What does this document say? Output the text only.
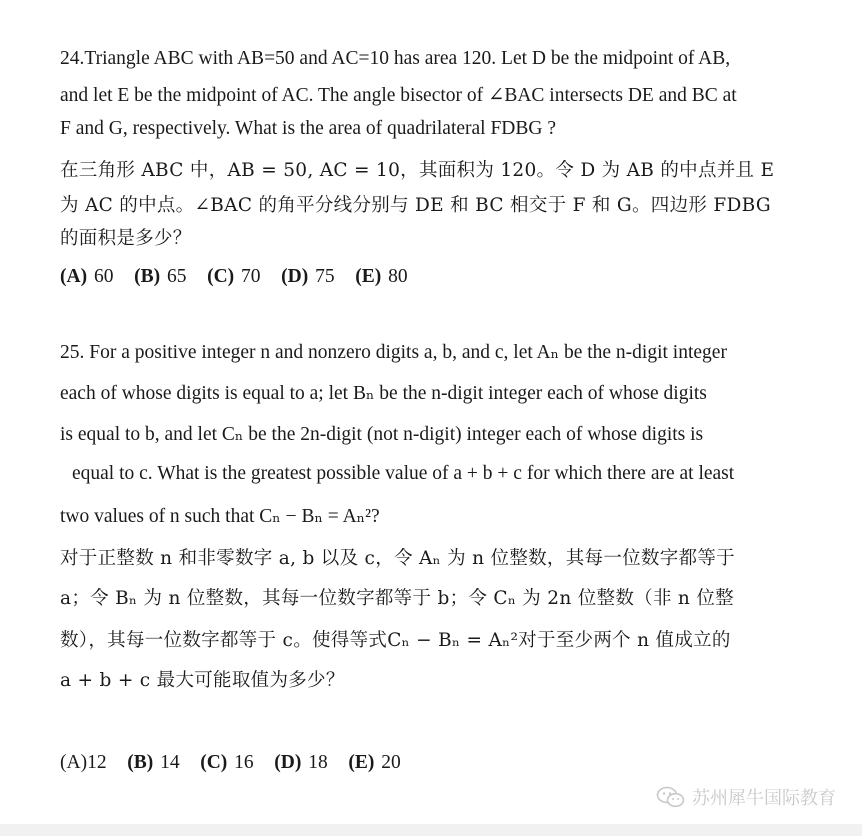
24.Triangle ABC with AB=50 and AC=10 has area 120. Let D be the midpoint of AB,
and let E be the midpoint of AC. The angle bisector of ∠BAC intersects DE and BC at
F and G, respectively. What is the area of quadrilateral FDBG ?
在三角形 ABC 中，AB = 50, AC = 10，其面积为 120。令 D 为 AB 的中点并且 E
为 AC 的中点。∠BAC 的角平分线分别与 DE 和 BC 相交于 F 和 G。四边形 FDBG
的面积是多少？
(A) 60 (B) 65 (C) 70 (D) 75 (E) 80
25. For a positive integer n and nonzero digits a, b, and c, let Aₙ be the n-digit integer
each of whose digits is equal to a; let Bₙ be the n-digit integer each of whose digits
is equal to b, and let Cₙ be the 2n-digit (not n-digit) integer each of whose digits is
equal to c. What is the greatest possible value of a + b + c for which there are at least
two values of n such that Cₙ − Bₙ = Aₙ²?
对于正整数 n 和非零数字 a, b 以及 c，令 Aₙ 为 n 位整数，其每一位数字都等于
a；令 Bₙ 为 n 位整数，其每一位数字都等于 b；令 Cₙ 为 2n 位整数（非 n 位整
数），其每一位数字都等于 c。使得等式Cₙ − Bₙ = Aₙ²对于至少两个 n 值成立的
a + b + c 最大可能取值为多少？
(A)12 (B) 14 (C) 16 (D) 18 (E) 20
苏州犀牛国际教育
